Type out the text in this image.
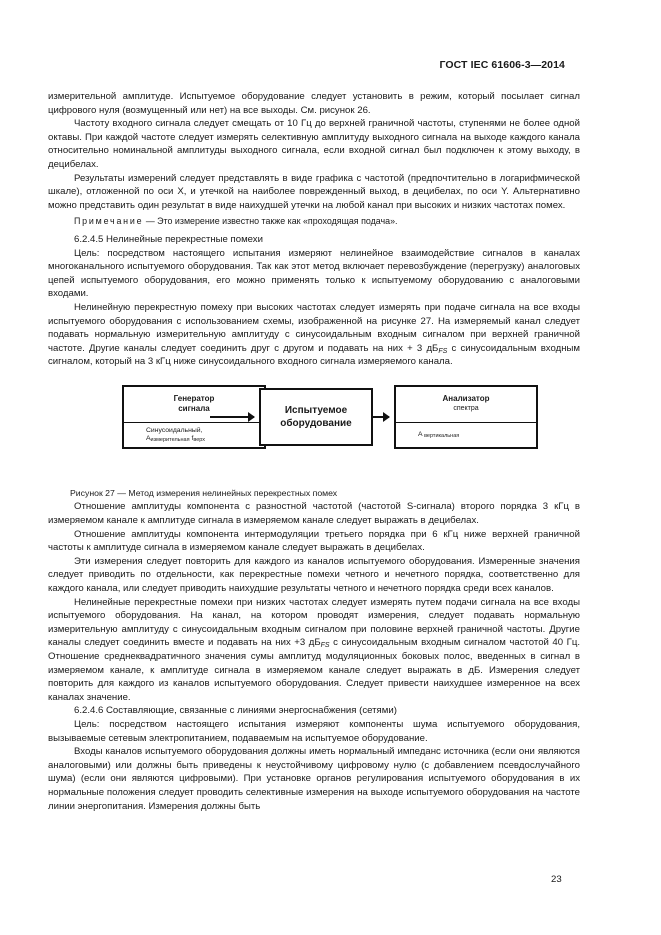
ГОСТ IEC 61606-3—2014

измерительной амплитуде. Испытуемое оборудование следует установить в режим, который посылает сигнал цифрового нуля (возмущенный или нет) на все выходы. См. рисунок 26.

Частоту входного сигнала следует смещать от 10 Гц до верхней граничной частоты, ступенями не более одной октавы. При каждой частоте следует измерять селективную амплитуду выходного сигнала на выходе каждого канала относительно номинальной амплитуды выходного сигнала, если входной сигнал был подключен к этому выходу, в децибелах.

Результаты измерений следует представлять в виде графика с частотой (предпочтительно в логарифмической шкале), отложенной по оси X, и утечкой на наиболее поврежденный выход, в децибелах, по оси Y. Альтернативно можно представить один результат в виде наихудшей утечки на любой канал при высоких и низких частотах помех.

Примечание — Это измерение известно также как «проходящая подача».

6.2.4.5 Нелинейные перекрестные помехи

Цель: посредством настоящего испытания измеряют нелинейное взаимодействие сигналов в каналах многоканального испытуемого оборудования. Так как этот метод включает перевозбуждение (перегрузку) аналоговых цепей испытуемого оборудования, его можно применять только к испытуемому оборудованию с аналоговыми входами.

Нелинейную перекрестную помеху при высоких частотах следует измерять при подаче сигнала на все входы испытуемого оборудования с использованием схемы, изображенной на рисунке 27. На измеряемый канал следует подавать нормальную измерительную амплитуду с синусоидальным входным сигналом при верхней граничной частоте. Другие каналы следует соединить друг с другом и подавать на них + 3 $дБ_{FS}$ с синусоидальным входным сигналом, который на 3 кГц ниже синусоидального входного сигнала измеряемого канала.

Генератор
сигнала
Синусоидальный,
Aизмерительная fверх
Испытуемое
оборудование
Анализатор
спектра
A вертикальная

Рисунок 27 — Метод измерения нелинейных перекрестных помех

Отношение амплитуды компонента с разностной частотой (частотой S-сигнала) второго порядка 3 кГц в измеряемом канале к амплитуде сигнала в измеряемом канале следует выражать в децибелах.

Отношение амплитуды компонента интермодуляции третьего порядка при 6 кГц ниже верхней граничной частоты к амплитуде сигнала в измеряемом канале следует выражать в децибелах.

Эти измерения следует повторить для каждого из каналов испытуемого оборудования. Измеренные значения следует приводить по отдельности, как перекрестные помехи четного и нечетного порядка, соответственно для каждого канала, или следует приводить наихудшие результаты четного и нечетного порядка среди всех каналов.

Нелинейные перекрестные помехи при низких частотах следует измерять путем подачи сигнала на все входы испытуемого оборудования. На канал, на котором проводят измерения, следует подавать нормальную измерительную амплитуду с синусоидальным входным сигналом при половине верхней граничной частоты. Другие каналы следует соединить вместе и подавать на них +3 $дБ_{FS}$ с синусоидальным входным сигналом частотой 40 Гц. Отношение среднеквадратичного значения сумы амплитуд модуляционных боковых полос, введенных в сигнал в измеряемом канале, к амплитуде сигнала в измеряемом канале следует выражать в дБ. Измерения следует повторить для каждого из каналов испытуемого оборудования. Следует привести наихудшее измеренное на всех каналах значение.

6.2.4.6 Составляющие, связанные с линиями энергоснабжения (сетями)

Цель: посредством настоящего испытания измеряют компоненты шума испытуемого оборудования, вызываемые сетевым электропитанием, подаваемым на испытуемое оборудование.

Входы каналов испытуемого оборудования должны иметь нормальный импеданс источника (если они являются аналоговыми) или должны быть приведены к неустойчивому цифровому нулю (с добавлением псевдослучайного шума) (если они являются цифровыми). При установке органов регулирования испытуемого оборудования в их нормальные положения следует проводить селективные измерения на выходе испытуемого оборудования на частоте линии энергопитания. Измерения должны быть

23
